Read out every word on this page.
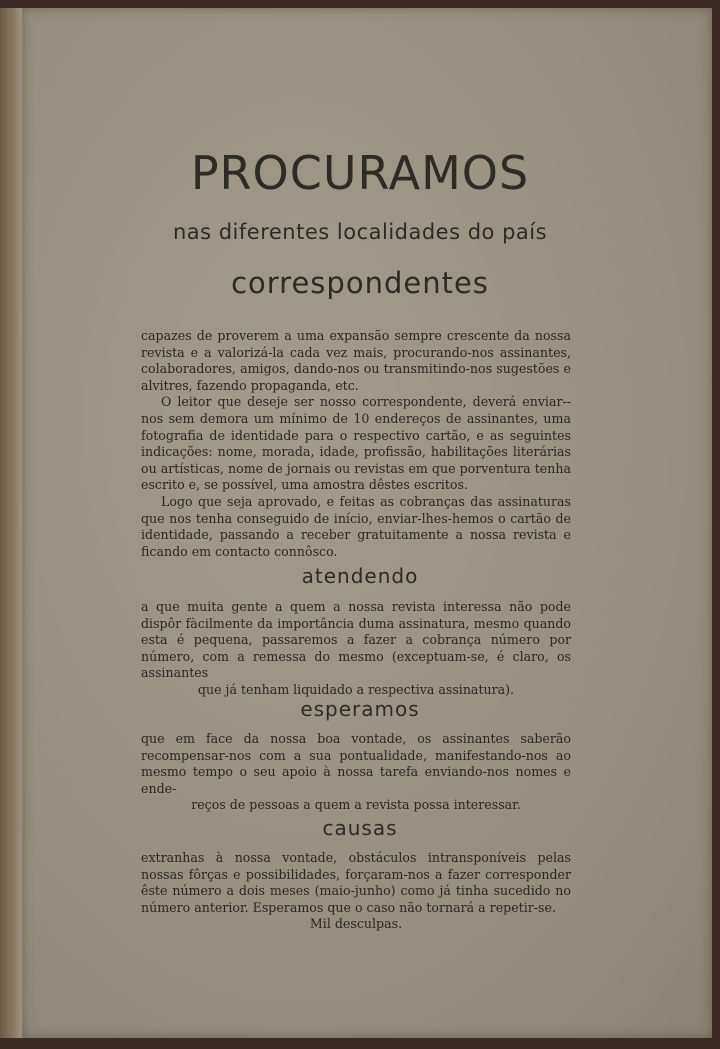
PROCURAMOS
nas diferentes localidades do país
correspondentes

capazes de proverem a uma expansão sempre crescente da nossa revista e a valorizá-la cada vez mais, procurando-nos assinantes, colaboradores, amigos, dando-nos ou transmitindo-nos sugestões e alvitres, fazendo propaganda, etc.
O leitor que deseje ser nosso correspondente, deverá enviar--nos sem demora um mínimo de 10 endereços de assinantes, uma fotografia de identidade para o respectivo cartão, e as seguintes indicações: nome, morada, idade, profissão, habilitações literárias ou artísticas, nome de jornais ou revistas em que porventura tenha escrito e, se possível, uma amostra dêstes escritos.
Logo que seja aprovado, e feitas as cobranças das assinaturas que nos tenha conseguido de início, enviar-lhes-hemos o cartão de identidade, passando a receber gratuitamente a nossa revista e ficando em contacto connôsco.

atendendo

a que muita gente a quem a nossa revista interessa não pode dispôr fàcilmente da importância duma assinatura, mesmo quando esta é pequena, passaremos a fazer a cobrança número por número, com a remessa do mesmo (exceptuam-se, é claro, os assinantes
que já tenham liquidado a respectiva assinatura).

esperamos

que em face da nossa boa vontade, os assinantes saberão recompensar-nos com a sua pontualidade, manifestando-nos ao mesmo tempo o seu apoio à nossa tarefa enviando-nos nomes e ende-
reços de pessoas a quem a revista possa interessar.

causas

extranhas à nossa vontade, obstáculos intransponíveis pelas nossas fôrças e possibilidades, forçaram-nos a fazer corresponder êste número a dois meses (maio-junho) como já tinha sucedido no número anterior. Esperamos que o caso não tornará a repetir-se.
Mil desculpas.
